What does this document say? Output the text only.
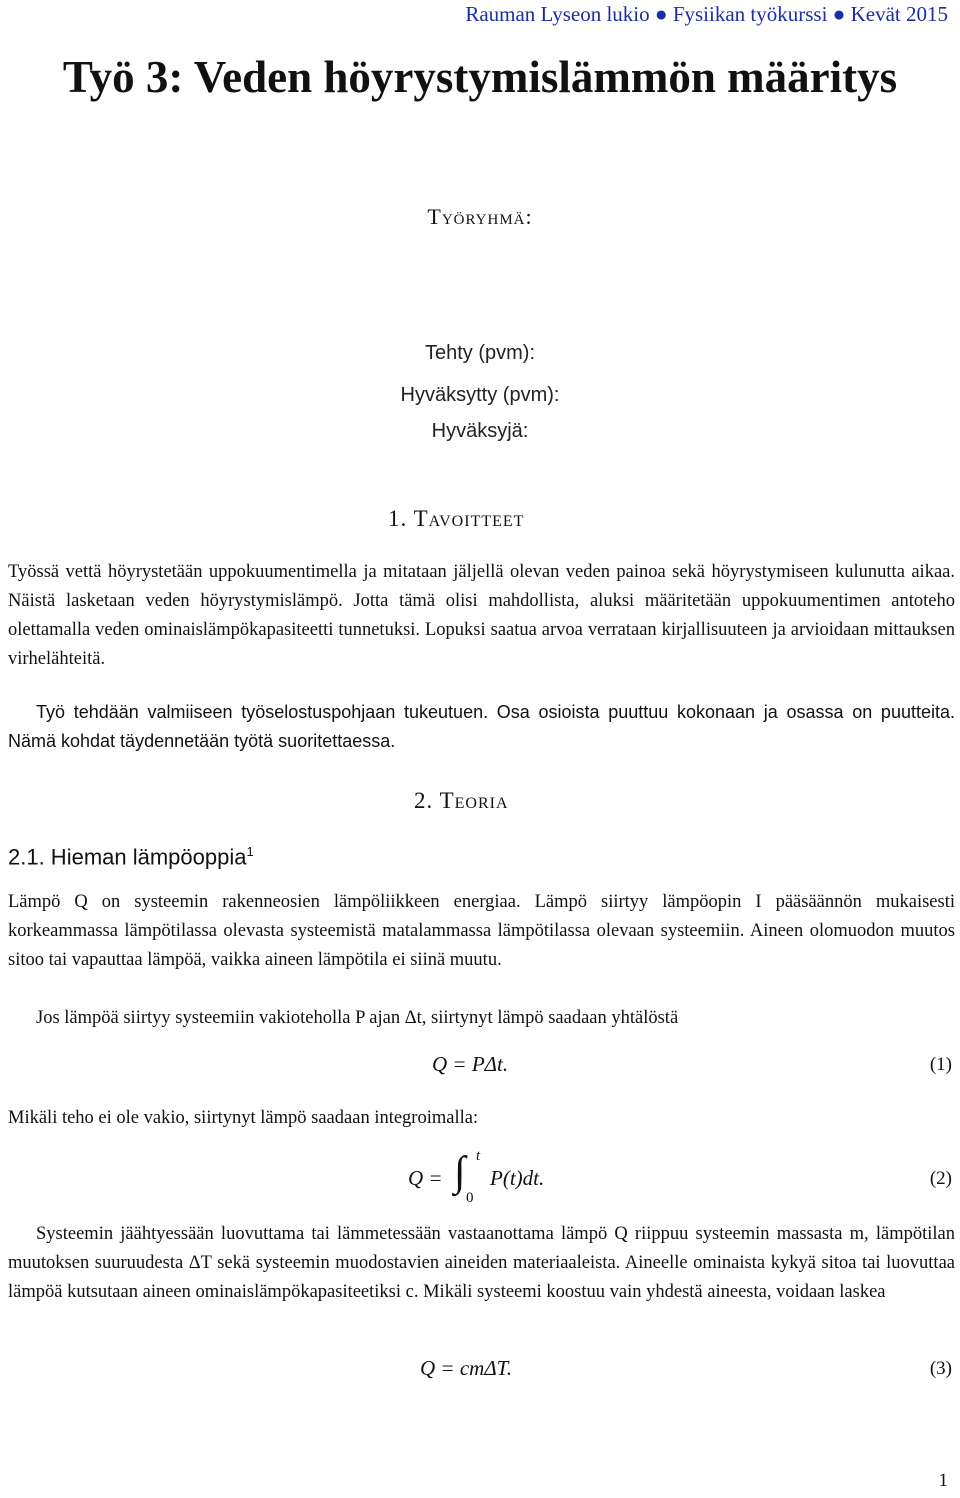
Rauman Lyseon lukio ● Fysiikan työkurssi ● Kevät 2015
Työ 3: Veden höyrystymislämmön määritys
Työryhmä:
Tehty (pvm):
Hyväksytty (pvm):
Hyväksyjä:
1. Tavoitteet
Työssä vettä höyrystetään uppokuumentimella ja mitataan jäljellä olevan veden painoa sekä höyrystymiseen kulunutta aikaa. Näistä lasketaan veden höyrystymislämpö. Jotta tämä olisi mahdollista, aluksi määritetään uppokuumentimen antoteho olettamalla veden ominaislämpökapasiteetti tunnetuksi. Lopuksi saatua arvoa verrataan kirjallisuuteen ja arvioidaan mittauksen virhelähteitä.
Työ tehdään valmiiseen työselostuspohjaan tukeutuen. Osa osioista puuttuu kokonaan ja osassa on puutteita. Nämä kohdat täydennetään työtä suoritettaessa.
2. Teoria
2.1. Hieman lämpöoppia$^1$
Lämpö Q on systeemin rakenneosien lämpöliikkeen energiaa. Lämpö siirtyy lämpöopin I pääsäännön mukaisesti korkeammassa lämpötilassa olevasta systeemistä matalammassa lämpötilassa olevaan systeemiin. Aineen olomuodon muutos sitoo tai vapauttaa lämpöä, vaikka aineen lämpötila ei siinä muutu.
Jos lämpöä siirtyy systeemiin vakioteholla P ajan Δt, siirtynyt lämpö saadaan yhtälöstä
Q = PΔt.	(1)
Mikäli teho ei ole vakio, siirtynyt lämpö saadaan integroimalla:
Q = ∫ t
0
P(t)dt.	(2)
Systeemin jäähtyessään luovuttama tai lämmetessään vastaanottama lämpö Q riippuu systeemin massasta m, lämpötilan muutoksen suuruudesta ΔT sekä systeemin muodostavien aineiden materiaaleista. Aineelle ominaista kykyä sitoa tai luovuttaa lämpöä kutsutaan aineen ominaislämpökapasiteetiksi c. Mikäli systeemi koostuu vain yhdestä aineesta, voidaan laskea
Q = cmΔT.	(3)
1
